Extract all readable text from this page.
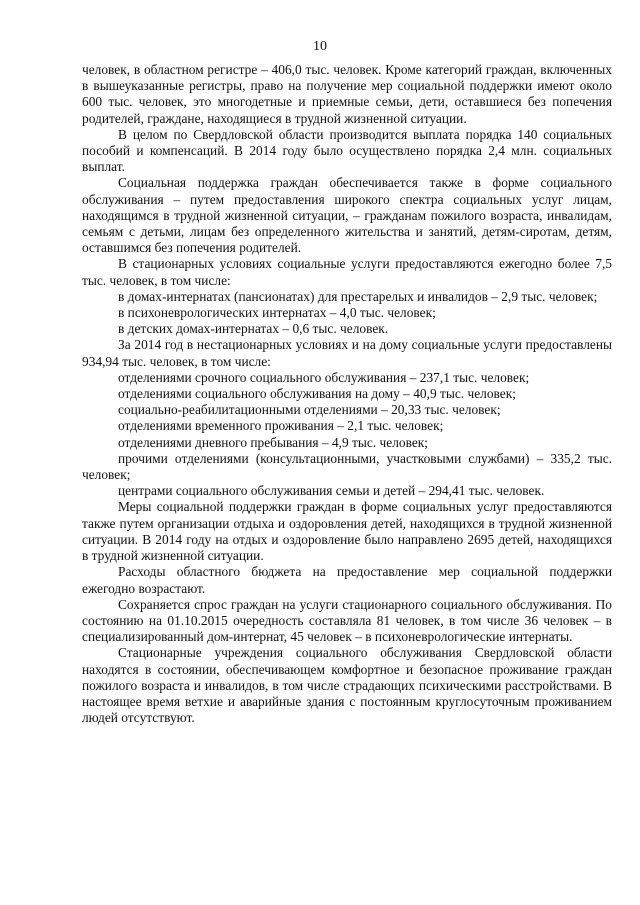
10

человек, в областном регистре – 406,0 тыс. человек. Кроме категорий граждан, включенных в вышеуказанные регистры, право на получение мер социальной поддержки имеют около 600 тыс. человек, это многодетные и приемные семьи, дети, оставшиеся без попечения родителей, граждане, находящиеся в трудной жизненной ситуации.

В целом по Свердловской области производится выплата порядка 140 социальных пособий и компенсаций. В 2014 году было осуществлено порядка 2,4 млн. социальных выплат.

Социальная поддержка граждан обеспечивается также в форме социального обслуживания – путем предоставления широкого спектра социальных услуг лицам, находящимся в трудной жизненной ситуации, – гражданам пожилого возраста, инвалидам, семьям с детьми, лицам без определенного жительства и занятий, детям-сиротам, детям, оставшимся без попечения родителей.

В стационарных условиях социальные услуги предоставляются ежегодно более 7,5 тыс. человек, в том числе:

в домах-интернатах (пансионатах) для престарелых и инвалидов – 2,9 тыс. человек;

в психоневрологических интернатах – 4,0 тыс. человек;

в детских домах-интернатах – 0,6 тыс. человек.

За 2014 год в нестационарных условиях и на дому социальные услуги предоставлены 934,94 тыс. человек, в том числе:

отделениями срочного социального обслуживания – 237,1 тыс. человек;

отделениями социального обслуживания на дому – 40,9 тыс. человек;

социально-реабилитационными отделениями – 20,33 тыс. человек;

отделениями временного проживания – 2,1 тыс. человек;

отделениями дневного пребывания – 4,9 тыс. человек;

прочими отделениями (консультационными, участковыми службами) – 335,2 тыс. человек;

центрами социального обслуживания семьи и детей – 294,41 тыс. человек.

Меры социальной поддержки граждан в форме социальных услуг предоставляются также путем организации отдыха и оздоровления детей, находящихся в трудной жизненной ситуации. В 2014 году на отдых и оздоровление было направлено 2695 детей, находящихся в трудной жизненной ситуации.

Расходы областного бюджета на предоставление мер социальной поддержки ежегодно возрастают.

Сохраняется спрос граждан на услуги стационарного социального обслуживания. По состоянию на 01.10.2015 очередность составляла 81 человек, в том числе 36 человек – в специализированный дом-интернат, 45 человек – в психоневрологические интернаты.

Стационарные учреждения социального обслуживания Свердловской области находятся в состоянии, обеспечивающем комфортное и безопасное проживание граждан пожилого возраста и инвалидов, в том числе страдающих психическими расстройствами. В настоящее время ветхие и аварийные здания с постоянным круглосуточным проживанием людей отсутствуют.
